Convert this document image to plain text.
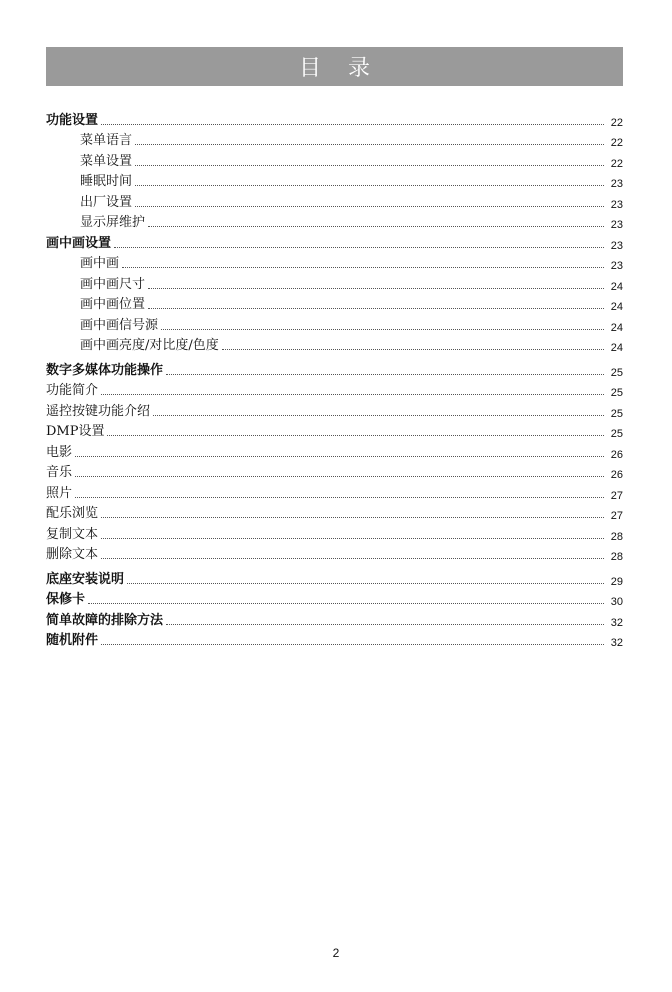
目 录
功能设置	22
菜单语言	22
菜单设置	22
睡眠时间	23
出厂设置	23
显示屏维护	23
画中画设置	23
画中画	23
画中画尺寸	24
画中画位置	24
画中画信号源	24
画中画亮度/对比度/色度	24
数字多媒体功能操作	25
功能简介	25
遥控按键功能介绍	25
DMP设置	25
电影	26
音乐	26
照片	27
配乐浏览	27
复制文本	28
删除文本	28
底座安装说明	29
保修卡	30
简单故障的排除方法	32
随机附件	32
2
